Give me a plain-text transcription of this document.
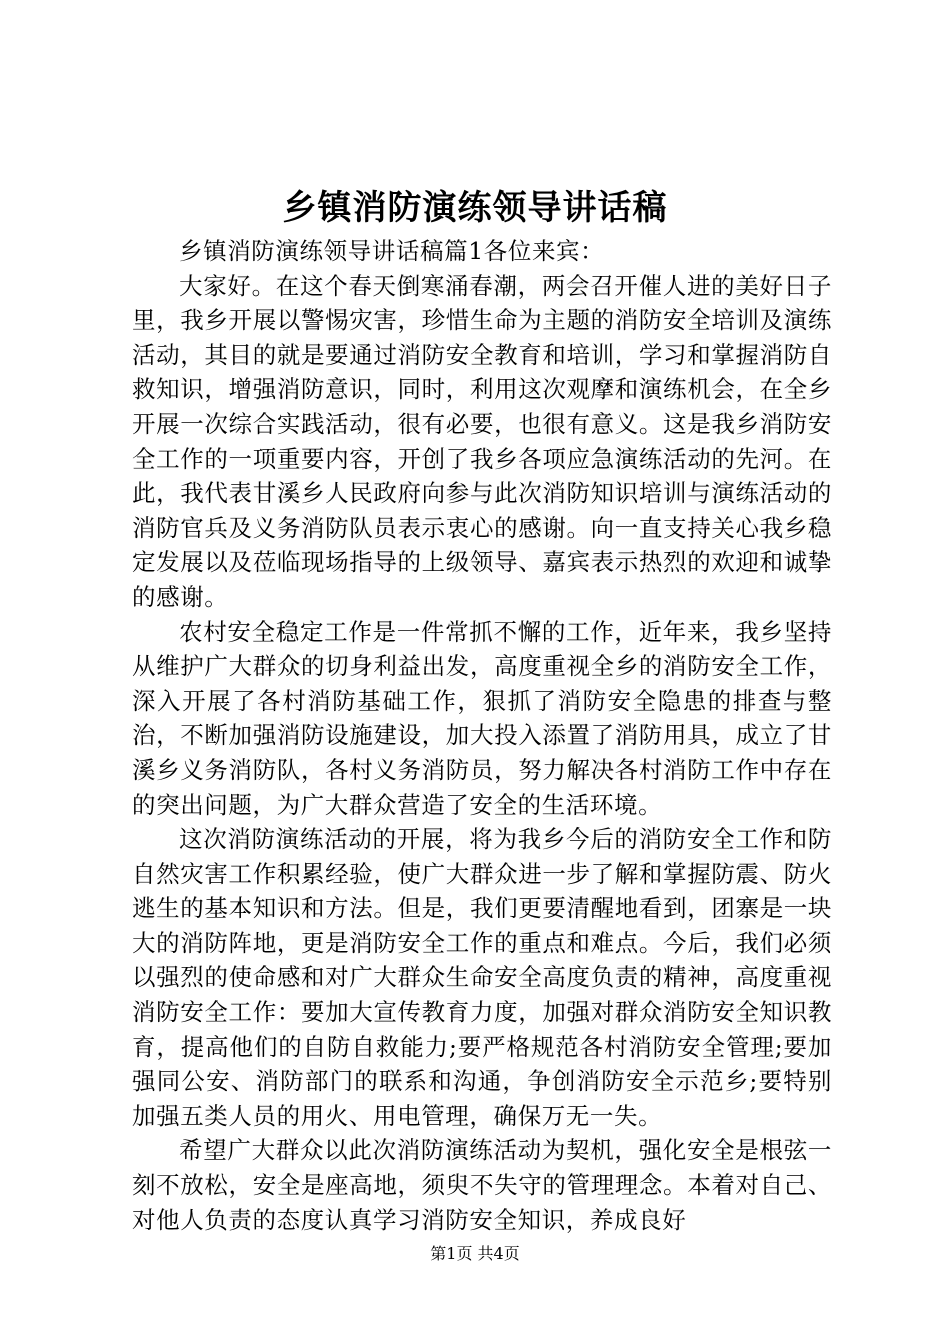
乡镇消防演练领导讲话稿

乡镇消防演练领导讲话稿篇1各位来宾：

大家好。在这个春天倒寒涌春潮，两会召开催人进的美好日子里，我乡开展以警惕灾害，珍惜生命为主题的消防安全培训及演练活动，其目的就是要通过消防安全教育和培训，学习和掌握消防自救知识，增强消防意识，同时，利用这次观摩和演练机会，在全乡开展一次综合实践活动，很有必要，也很有意义。这是我乡消防安全工作的一项重要内容，开创了我乡各项应急演练活动的先河。在此，我代表甘溪乡人民政府向参与此次消防知识培训与演练活动的消防官兵及义务消防队员表示衷心的感谢。向一直支持关心我乡稳定发展以及莅临现场指导的上级领导、嘉宾表示热烈的欢迎和诚挚的感谢。

农村安全稳定工作是一件常抓不懈的工作，近年来，我乡坚持从维护广大群众的切身利益出发，高度重视全乡的消防安全工作，深入开展了各村消防基础工作，狠抓了消防安全隐患的排查与整治，不断加强消防设施建设，加大投入添置了消防用具，成立了甘溪乡义务消防队，各村义务消防员，努力解决各村消防工作中存在的突出问题，为广大群众营造了安全的生活环境。

这次消防演练活动的开展，将为我乡今后的消防安全工作和防自然灾害工作积累经验，使广大群众进一步了解和掌握防震、防火逃生的基本知识和方法。但是，我们更要清醒地看到，团寨是一块大的消防阵地，更是消防安全工作的重点和难点。今后，我们必须以强烈的使命感和对广大群众生命安全高度负责的精神，高度重视消防安全工作：要加大宣传教育力度，加强对群众消防安全知识教育，提高他们的自防自救能力;要严格规范各村消防安全管理;要加强同公安、消防部门的联系和沟通，争创消防安全示范乡;要特别加强五类人员的用火、用电管理，确保万无一失。

希望广大群众以此次消防演练活动为契机，强化安全是根弦一刻不放松，安全是座高地，须臾不失守的管理理念。本着对自己、对他人负责的态度认真学习消防安全知识，养成良好

第1页 共4页
